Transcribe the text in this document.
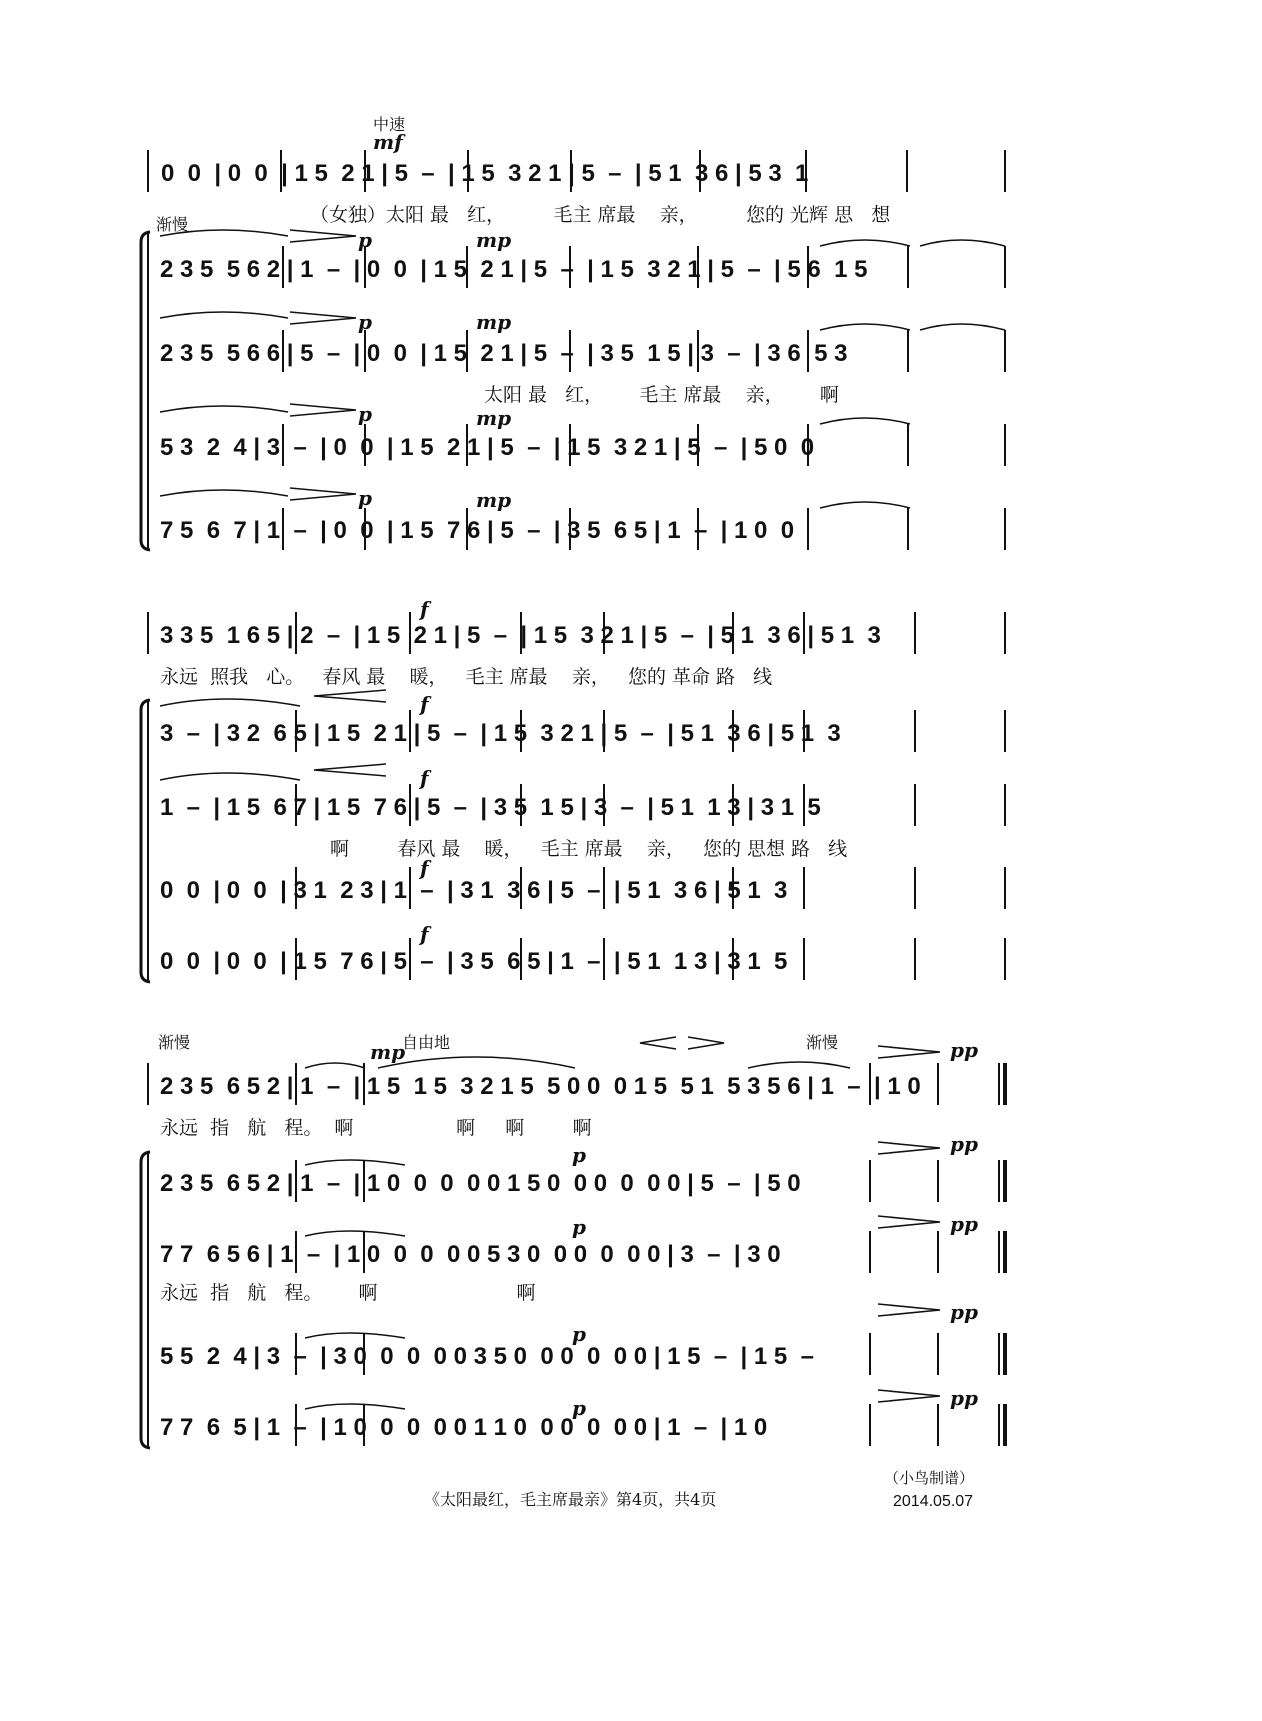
中速
渐慢
mf
0  0  | 0  0  | 1 5  2 1 | 5  –  | 1 5  3 2 1 | 5  –  | 5 1  3 6 | 5 3  1
（女独）太阳 最   红，        毛主 席最    亲，        您的 光辉 思   想
2 3 5  5 6 2 | 1  –  | 0  0  | 1 5  2 1 | 5  –  | 1 5  3 2 1 | 5  –  | 5 6  1 5
2 3 5  5 6 6 | 5  –  | 0  0  | 1 5  2 1 | 5  –  | 3 5  1 5 | 3  –  | 3 6  5 3
太阳 最   红，      毛主 席最    亲，      啊
5 3  2  4 | 3  –  | 0  0  | 1 5  2 1 | 5  –  | 1 5  3 2 1 | 5  –  | 5 0  0
7 5  6  7 | 1  –  | 0  0  | 1 5  7 6 | 5  –  | 3 5  6 5 | 1  –  | 1 0  0
p	mp
p	mp
p	mp
p	mp
f
3 3 5  1 6 5 | 2  –  | 1 5  2 1 | 5  –  | 1 5  3 2 1 | 5  –  | 5 1  3 6 | 5 1  3
永远  照我   心。   春风 最    暖，   毛主 席最    亲，   您的 革命 路   线
f
3  –  | 3 2  6 5 | 1 5  2 1 | 5  –  | 1 5  3 2 1 | 5  –  | 5 1  3 6 | 5 1  3
f
1  –  | 1 5  6 7 | 1 5  7 6 | 5  –  | 3 5  1 5 | 3  –  | 5 1  1 3 | 3 1  5
啊        春风 最    暖，   毛主 席最    亲，   您的 思想 路   线
f
0  0  | 0  0  | 3 1  2 3 | 1  –  | 3 1  3 6 | 5  –  | 5 1  3 6 | 5 1  3
f
0  0  | 0  0  | 1 5  7 6 | 5  –  | 3 5  6 5 | 1  –  | 5 1  1 3 | 3 1  5
渐慢	自由地	渐慢
mp	pp
2 3 5  6 5 2 | 1  –  | 1 5  1 5  3 2 1 5  5 0 0  0 1 5  5 1  5 3 5 6 | 1  –  | 1 0
永远  指   航   程。  啊                 啊     啊        啊
p	pp
2 3 5  6 5 2 | 1  –  | 1 0  0  0  0 0 1 5 0  0 0  0  0 0 | 5  –  | 5 0
p	pp
7 7  6 5 6 | 1  –  | 1 0  0  0  0 0 5 3 0  0 0  0  0 0 | 3  –  | 3 0
永远  指   航   程。      啊                       啊
p
pp
5 5  2  4 | 3  –  | 3 0  0  0  0 0 3 5 0  0 0  0  0 0 | 1 5  –  | 1 5  –
p	pp
7 7  6  5 | 1  –  | 1 0  0  0  0 0 1 1 0  0 0  0  0 0 | 1  –  | 1 0
（小鸟制谱）
《太阳最红，毛主席最亲》第4页，共4页	2014.05.07
